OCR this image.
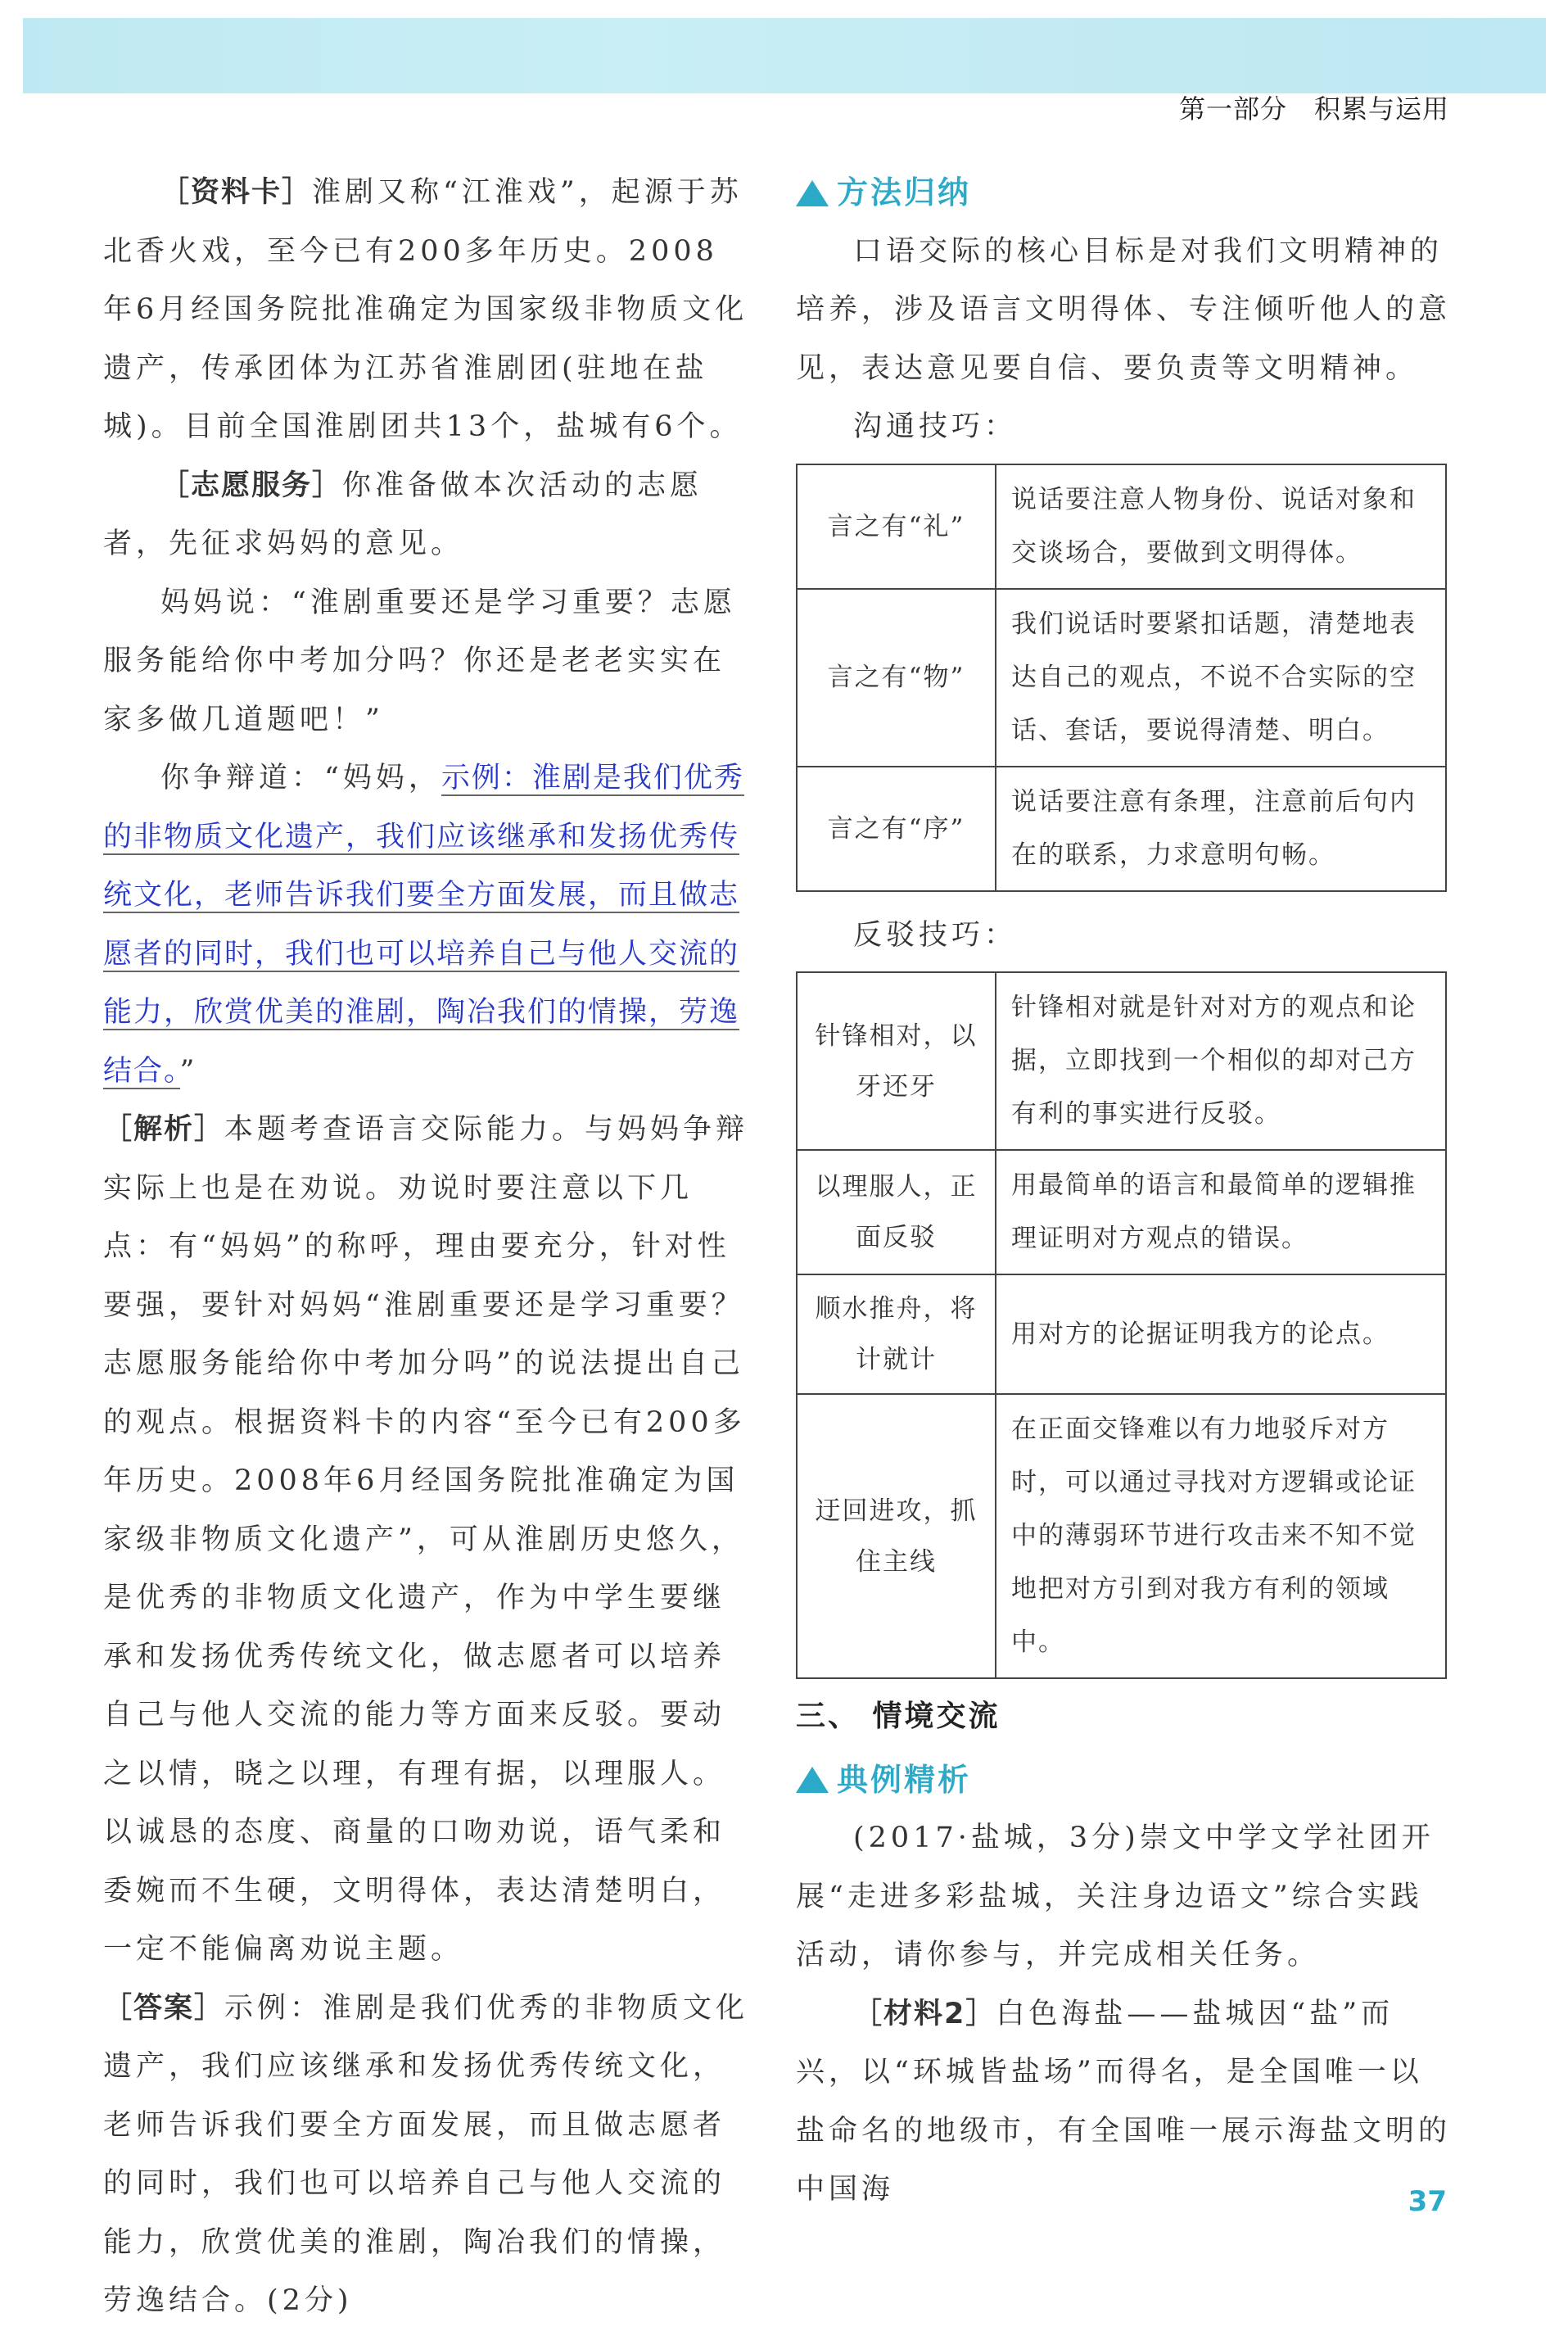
第一部分　积累与运用

［资料卡］淮剧又称“江淮戏”，起源于苏北香火戏，至今已有200多年历史。2008年6月经国务院批准确定为国家级非物质文化遗产，传承团体为江苏省淮剧团(驻地在盐城)。目前全国淮剧团共13个，盐城有6个。

［志愿服务］你准备做本次活动的志愿者，先征求妈妈的意见。

妈妈说：“淮剧重要还是学习重要？志愿服务能给你中考加分吗？你还是老老实实在家多做几道题吧！”

你争辩道：“妈妈，示例：淮剧是我们优秀的非物质文化遗产，我们应该继承和发扬优秀传统文化，老师告诉我们要全方面发展，而且做志愿者的同时，我们也可以培养自己与他人交流的能力，欣赏优美的淮剧，陶冶我们的情操，劳逸结合。”

［解析］本题考查语言交际能力。与妈妈争辩实际上也是在劝说。劝说时要注意以下几点：有“妈妈”的称呼，理由要充分，针对性要强，要针对妈妈“淮剧重要还是学习重要？志愿服务能给你中考加分吗”的说法提出自己的观点。根据资料卡的内容“至今已有200多年历史。2008年6月经国务院批准确定为国家级非物质文化遗产”，可从淮剧历史悠久，是优秀的非物质文化遗产，作为中学生要继承和发扬优秀传统文化，做志愿者可以培养自己与他人交流的能力等方面来反驳。要动之以情，晓之以理，有理有据，以理服人。以诚恳的态度、商量的口吻劝说，语气柔和委婉而不生硬，文明得体，表达清楚明白，一定不能偏离劝说主题。

［答案］示例：淮剧是我们优秀的非物质文化遗产，我们应该继承和发扬优秀传统文化，老师告诉我们要全方面发展，而且做志愿者的同时，我们也可以培养自己与他人交流的能力，欣赏优美的淮剧，陶冶我们的情操，劳逸结合。(2分)

方法归纳

口语交际的核心目标是对我们文明精神的培养，涉及语言文明得体、专注倾听他人的意见，表达意见要自信、要负责等文明精神。

沟通技巧：

言之有“礼”	说话要注意人物身份、说话对象和交谈场合，要做到文明得体。
言之有“物”	我们说话时要紧扣话题，清楚地表达自己的观点，不说不合实际的空话、套话，要说得清楚、明白。
言之有“序”	说话要注意有条理，注意前后句内在的联系，力求意明句畅。

反驳技巧：

针锋相对，以牙还牙	针锋相对就是针对对方的观点和论据，立即找到一个相似的却对己方有利的事实进行反驳。
以理服人，正面反驳	用最简单的语言和最简单的逻辑推理证明对方观点的错误。
顺水推舟，将计就计	用对方的论据证明我方的论点。
迂回进攻，抓住主线	在正面交锋难以有力地驳斥对方时，可以通过寻找对方逻辑或论证中的薄弱环节进行攻击来不知不觉地把对方引到对我方有利的领域中。
三、 情境交流
典例精析

(2017·盐城，3分)崇文中学文学社团开展“走进多彩盐城，关注身边语文”综合实践活动，请你参与，并完成相关任务。

［材料2］白色海盐——盐城因“盐”而兴，以“环城皆盐场”而得名，是全国唯一以盐命名的地级市，有全国唯一展示海盐文明的中国海	37
